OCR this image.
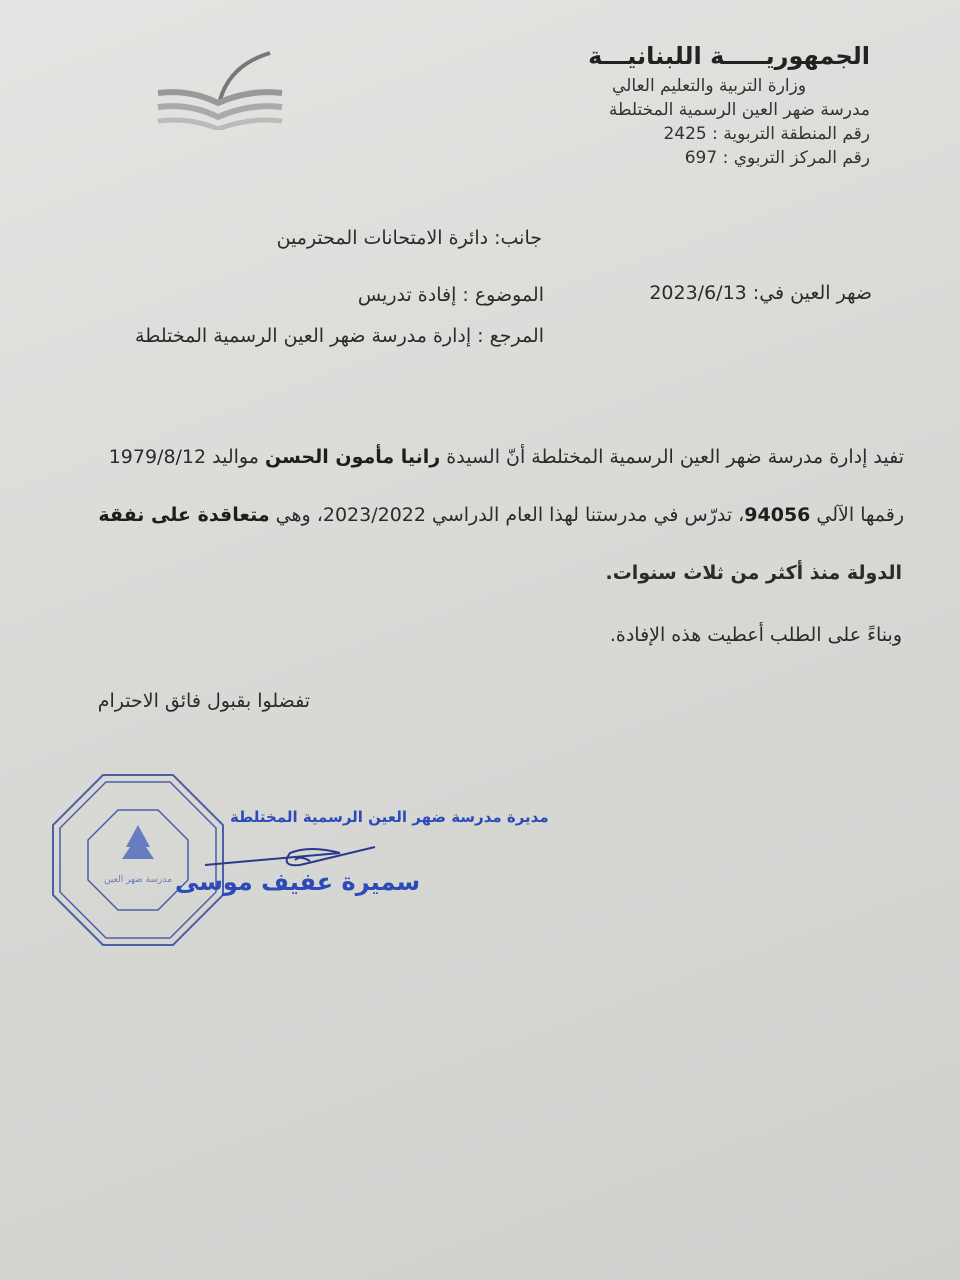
الجمهوريـــــة اللبنانيـــة
وزارة التربية والتعليم العالي
مدرسة ضهر العين الرسمية المختلطة
رقم المنطقة التربوية : 2425
رقم المركز التربوي : 697
جانب: دائرة الامتحانات المحترمين
الموضوع : إفادة تدريس	ضهر العين في: 2023/6/13
المرجع : إدارة مدرسة ضهر العين الرسمية المختلطة
تفيد إدارة مدرسة ضهر العين الرسمية المختلطة أنّ السيدة رانيا مأمون الحسن مواليد 1979/8/12
رقمها الآلي 94056، تدرّس في مدرستنا لهذا العام الدراسي 2023/2022، وهي متعاقدة على نفقة
الدولة منذ أكثر من ثلاث سنوات.
وبناءً على الطلب أعطيت هذه الإفادة.
تفضلوا بقبول فائق الاحترام
مدرسة ضهر العين
مديرة مدرسة ضهر العين الرسمية المختلطة
سميرة عفيف موسى
